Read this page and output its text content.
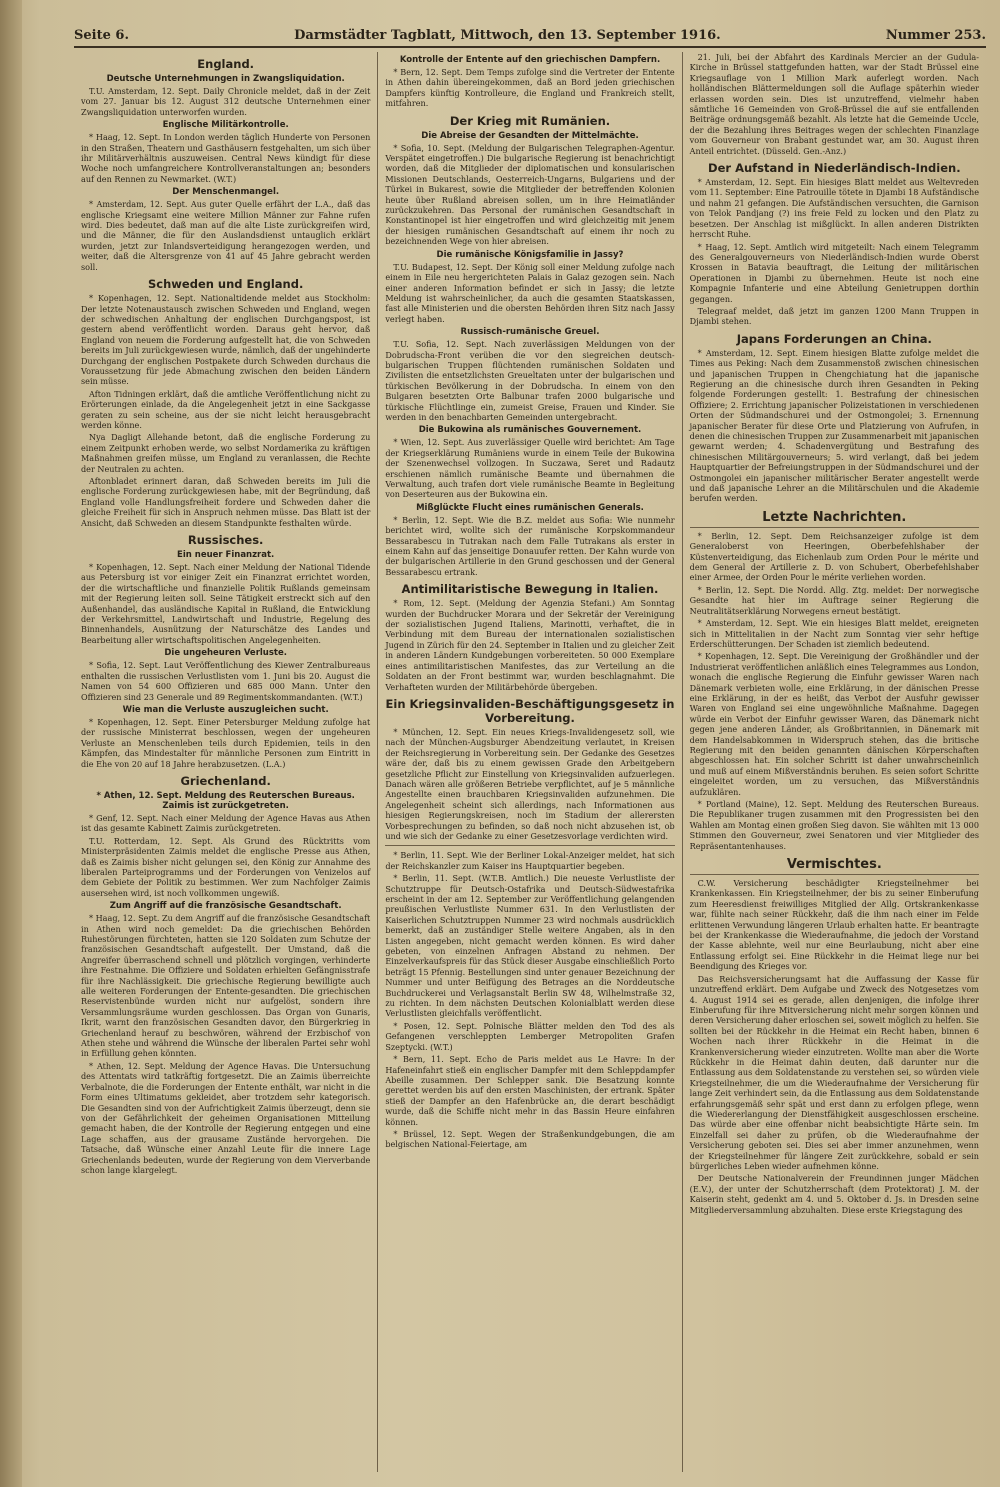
Seite 6.	Darmstädter Tagblatt, Mittwoch, den 13. September 1916.	Nummer 253.
England.
Deutsche Unternehmungen in Zwangsliquidation.

T.U. Amsterdam, 12. Sept. Daily Chronicle meldet, daß in der Zeit vom 27. Januar bis 12. August 312 deutsche Unternehmen einer Zwangsliquidation unterworfen wurden.

Englische Militärkontrolle.

* Haag, 12. Sept. In London werden täglich Hunderte von Personen in den Straßen, Theatern und Gasthäusern festgehalten, um sich über ihr Militärverhältnis auszuweisen. Central News kündigt für diese Woche noch umfangreichere Kontrollveranstaltungen an; besonders auf den Rennen zu Newmarket. (W.T.)

Der Menschenmangel.

* Amsterdam, 12. Sept. Aus guter Quelle erfährt der L.A., daß das englische Kriegsamt eine weitere Million Männer zur Fahne rufen wird. Dies bedeutet, daß man auf die alte Liste zurückgreifen wird, und die Männer, die für den Auslandsdienst untauglich erklärt wurden, jetzt zur Inlandsverteidigung herangezogen werden, und weiter, daß die Altersgrenze von 41 auf 45 Jahre gebracht werden soll.

Schweden und England.

* Kopenhagen, 12. Sept. Nationaltidende meldet aus Stockholm: Der letzte Notenaustausch zwischen Schweden und England, wegen der schwedischen Anhaltung der englischen Durchgangspost, ist gestern abend veröffentlicht worden. Daraus geht hervor, daß England von neuem die Forderung aufgestellt hat, die von Schweden bereits im Juli zurückgewiesen wurde, nämlich, daß der ungehinderte Durchgang der englischen Postpakete durch Schweden durchaus die Voraussetzung für jede Abmachung zwischen den beiden Ländern sein müsse.

Afton Tidningen erklärt, daß die amtliche Veröffentlichung nicht zu Erörterungen einlade, da die Angelegenheit jetzt in eine Sackgasse geraten zu sein scheine, aus der sie nicht leicht herausgebracht werden könne.

Nya Dagligt Allehande betont, daß die englische Forderung zu einem Zeitpunkt erhoben werde, wo selbst Nordamerika zu kräftigen Maßnahmen greifen müsse, um England zu veranlassen, die Rechte der Neutralen zu achten.

Aftonbladet erinnert daran, daß Schweden bereits im Juli die englische Forderung zurückgewiesen habe, mit der Begründung, daß England volle Handlungsfreiheit fordere und Schweden daher die gleiche Freiheit für sich in Anspruch nehmen müsse. Das Blatt ist der Ansicht, daß Schweden an diesem Standpunkte festhalten würde.

Russisches.
Ein neuer Finanzrat.

* Kopenhagen, 12. Sept. Nach einer Meldung der National Tidende aus Petersburg ist vor einiger Zeit ein Finanzrat errichtet worden, der die wirtschaftliche und finanzielle Politik Rußlands gemeinsam mit der Regierung leiten soll. Seine Tätigkeit erstreckt sich auf den Außenhandel, das ausländische Kapital in Rußland, die Entwicklung der Verkehrsmittel, Landwirtschaft und Industrie, Regelung des Binnenhandels, Ausnützung der Naturschätze des Landes und Bearbeitung aller wirtschaftspolitischen Angelegenheiten.

Die ungeheuren Verluste.

* Sofia, 12. Sept. Laut Veröffentlichung des Kiewer Zentralbureaus enthalten die russischen Verlustlisten vom 1. Juni bis 20. August die Namen von 54 600 Offizieren und 685 000 Mann. Unter den Offizieren sind 23 Generale und 89 Regimentskommandanten. (W.T.)

Wie man die Verluste auszugleichen sucht.

* Kopenhagen, 12. Sept. Einer Petersburger Meldung zufolge hat der russische Ministerrat beschlossen, wegen der ungeheuren Verluste an Menschenleben teils durch Epidemien, teils in den Kämpfen, das Mindestalter für männliche Personen zum Eintritt in die Ehe von 20 auf 18 Jahre herabzusetzen. (L.A.)

Griechenland.
* Athen, 12. Sept. Meldung des Reuterschen Bureaus. Zaimis ist zurückgetreten.

* Genf, 12. Sept. Nach einer Meldung der Agence Havas aus Athen ist das gesamte Kabinett Zaimis zurückgetreten.

T.U. Rotterdam, 12. Sept. Als Grund des Rücktritts vom Ministerpräsidenten Zaimis meldet die englische Presse aus Athen, daß es Zaimis bisher nicht gelungen sei, den König zur Annahme des liberalen Parteiprogramms und der Forderungen von Venizelos auf dem Gebiete der Politik zu bestimmen. Wer zum Nachfolger Zaimis ausersehen wird, ist noch vollkommen ungewiß.

Zum Angriff auf die französische Gesandtschaft.

* Haag, 12. Sept. Zu dem Angriff auf die französische Gesandtschaft in Athen wird noch gemeldet: Da die griechischen Behörden Ruhestörungen fürchteten, hatten sie 120 Soldaten zum Schutze der französischen Gesandtschaft aufgestellt. Der Umstand, daß die Angreifer überraschend schnell und plötzlich vorgingen, verhinderte ihre Festnahme. Die Offiziere und Soldaten erhielten Gefängnisstrafe für ihre Nachlässigkeit. Die griechische Regierung bewilligte auch alle weiteren Forderungen der Entente-gesandten. Die griechischen Reservistenbünde wurden nicht nur aufgelöst, sondern ihre Versammlungsräume wurden geschlossen. Das Organ von Gunaris, Ikrit, warnt den französischen Gesandten davor, den Bürgerkrieg in Griechenland herauf zu beschwören, während der Erzbischof von Athen stehe und während die Wünsche der liberalen Partei sehr wohl in Erfüllung gehen könnten.

* Athen, 12. Sept. Meldung der Agence Havas. Die Untersuchung des Attentats wird tatkräftig fortgesetzt. Die an Zaimis überreichte Verbalnote, die die Forderungen der Entente enthält, war nicht in die Form eines Ultimatums gekleidet, aber trotzdem sehr kategorisch. Die Gesandten sind von der Aufrichtigkeit Zaimis überzeugt, denn sie von der Gefährlichkeit der geheimen Organisationen Mitteilung gemacht haben, die der Kontrolle der Regierung entgegen und eine Lage schaffen, aus der grausame Zustände hervorgehen. Die Tatsache, daß Wünsche einer Anzahl Leute für die innere Lage Griechenlands bedeuten, wurde der Regierung von dem Vierverbande schon lange klargelegt.

Kontrolle der Entente auf den griechischen Dampfern.

* Bern, 12. Sept. Dem Temps zufolge sind die Vertreter der Entente in Athen dahin übereingekommen, daß an Bord jeden griechischen Dampfers künftig Kontrolleure, die England und Frankreich stellt, mitfahren.

Der Krieg mit Rumänien.
Die Abreise der Gesandten der Mittelmächte.

* Sofia, 10. Sept. (Meldung der Bulgarischen Telegraphen-Agentur. Verspätet eingetroffen.) Die bulgarische Regierung ist benachrichtigt worden, daß die Mitglieder der diplomatischen und konsularischen Missionen Deutschlands, Oesterreich-Ungarns, Bulgariens und der Türkei in Bukarest, sowie die Mitglieder der betreffenden Kolonien heute über Rußland abreisen sollen, um in ihre Heimatländer zurückzukehren. Das Personal der rumänischen Gesandtschaft in Konstantinopel ist hier eingetroffen und wird gleichzeitig mit jenem der hiesigen rumänischen Gesandtschaft auf einem ihr noch zu bezeichnenden Wege von hier abreisen.

Die rumänische Königsfamilie in Jassy?

T.U. Budapest, 12. Sept. Der König soll einer Meldung zufolge nach einem in Eile neu hergerichteten Palais in Galaz gezogen sein. Nach einer anderen Information befindet er sich in Jassy; die letzte Meldung ist wahrscheinlicher, da auch die gesamten Staatskassen, fast alle Ministerien und die obersten Behörden ihren Sitz nach Jassy verlegt haben.

Russisch-rumänische Greuel.

T.U. Sofia, 12. Sept. Nach zuverlässigen Meldungen von der Dobrudscha-Front verüben die vor den siegreichen deutsch-bulgarischen Truppen flüchtenden rumänischen Soldaten und Zivilisten die entsetzlichsten Greueltaten unter der bulgarischen und türkischen Bevölkerung in der Dobrudscha. In einem von den Bulgaren besetzten Orte Balbunar trafen 2000 bulgarische und türkische Flüchtlinge ein, zumeist Greise, Frauen und Kinder. Sie werden in den benachbarten Gemeinden untergebracht.

Die Bukowina als rumänisches Gouvernement.

* Wien, 12. Sept. Aus zuverlässiger Quelle wird berichtet: Am Tage der Kriegserklärung Rumäniens wurde in einem Teile der Bukowina der Szenenwechsel vollzogen. In Suczawa, Seret und Radautz erschienen nämlich rumänische Beamte und übernahmen die Verwaltung, auch trafen dort viele rumänische Beamte in Begleitung von Deserteuren aus der Bukowina ein.

Mißglückte Flucht eines rumänischen Generals.

* Berlin, 12. Sept. Wie die B.Z. meldet aus Sofia: Wie nunmehr berichtet wird, wollte sich der rumänische Korpskommandeur Bessarabescu in Tutrakan nach dem Falle Tutrakans als erster in einem Kahn auf das jenseitige Donauufer retten. Der Kahn wurde von der bulgarischen Artillerie in den Grund geschossen und der General Bessarabescu ertrank.

Antimilitaristische Bewegung in Italien.

* Rom, 12. Sept. (Meldung der Agenzia Stefani.) Am Sonntag wurden der Buchdrucker Morara und der Sekretär der Vereinigung der sozialistischen Jugend Italiens, Marinotti, verhaftet, die in Verbindung mit dem Bureau der internationalen sozialistischen Jugend in Zürich für den 24. September in Italien und zu gleicher Zeit in anderen Ländern Kundgebungen vorbereiteten. 50 000 Exemplare eines antimilitaristischen Manifestes, das zur Verteilung an die Soldaten an der Front bestimmt war, wurden beschlagnahmt. Die Verhafteten wurden der Militärbehörde übergeben.

Ein Kriegsinvaliden-Beschäftigungsgesetz in Vorbereitung.

* München, 12. Sept. Ein neues Kriegs-Invalidengesetz soll, wie nach der München-Augsburger Abendzeitung verlautet, in Kreisen der Reichsregierung in Vorbereitung sein. Der Gedanke des Gesetzes wäre der, daß bis zu einem gewissen Grade den Arbeitgebern gesetzliche Pflicht zur Einstellung von Kriegsinvaliden aufzuerlegen. Danach wären alle größeren Betriebe verpflichtet, auf je 5 männliche Angestellte einen brauchbaren Kriegsinvaliden aufzunehmen. Die Angelegenheit scheint sich allerdings, nach Informationen aus hiesigen Regierungskreisen, noch im Stadium der allerersten Vorbesprechungen zu befinden, so daß noch nicht abzusehen ist, ob und wie sich der Gedanke zu einer Gesetzesvorlage verdichten wird.

* Berlin, 11. Sept. Wie der Berliner Lokal-Anzeiger meldet, hat sich der Reichskanzler zum Kaiser ins Hauptquartier begeben.

* Berlin, 11. Sept. (W.T.B. Amtlich.) Die neueste Verlustliste der Schutztruppe für Deutsch-Ostafrika und Deutsch-Südwestafrika erscheint in der am 12. September zur Veröffentlichung gelangenden preußischen Verlustliste Nummer 631. In den Verlustlisten der Kaiserlichen Schutztruppen Nummer 23 wird nochmals ausdrücklich bemerkt, daß an zuständiger Stelle weitere Angaben, als in den Listen angegeben, nicht gemacht werden können. Es wird daher gebeten, von einzelnen Anfragen Abstand zu nehmen. Der Einzelverkaufspreis für das Stück dieser Ausgabe einschließlich Porto beträgt 15 Pfennig. Bestellungen sind unter genauer Bezeichnung der Nummer und unter Beifügung des Betrages an die Norddeutsche Buchdruckerei und Verlagsanstalt Berlin SW 48, Wilhelmstraße 32, zu richten. In dem nächsten Deutschen Kolonialblatt werden diese Verlustlisten gleichfalls veröffentlicht.

* Posen, 12. Sept. Polnische Blätter melden den Tod des als Gefangenen verschleppten Lemberger Metropoliten Grafen Szeptycki. (W.T.)

* Bern, 11. Sept. Echo de Paris meldet aus Le Havre: In der Hafeneinfahrt stieß ein englischer Dampfer mit dem Schleppdampfer Abeille zusammen. Der Schlepper sank. Die Besatzung konnte gerettet werden bis auf den ersten Maschinisten, der ertrank. Später stieß der Dampfer an den Hafenbrücke an, die derart beschädigt wurde, daß die Schiffe nicht mehr in das Bassin Heure einfahren können.

* Brüssel, 12. Sept. Wegen der Straßenkundgebungen, die am belgischen National-Feiertage, am

21. Juli, bei der Abfahrt des Kardinals Mercier an der Gudula-Kirche in Brüssel stattgefunden hatten, war der Stadt Brüssel eine Kriegsauflage von 1 Million Mark auferlegt worden. Nach holländischen Blättermeldungen soll die Auflage späterhin wieder erlassen worden sein. Dies ist unzutreffend, vielmehr haben sämtliche 16 Gemeinden von Groß-Brüssel die auf sie entfallenden Beiträge ordnungsgemäß bezahlt. Als letzte hat die Gemeinde Uccle, der die Bezahlung ihres Beitrages wegen der schlechten Finanzlage vom Gouverneur von Brabant gestundet war, am 30. August ihren Anteil entrichtet. (Düsseld. Gen.-Anz.)

Der Aufstand in Niederländisch-Indien.

* Amsterdam, 12. Sept. Ein hiesiges Blatt meldet aus Weltevreden vom 11. September: Eine Patrouille tötete in Djambi 18 Aufständische und nahm 21 gefangen. Die Aufständischen versuchten, die Garnison von Telok Pandjang (?) ins freie Feld zu locken und den Platz zu besetzen. Der Anschlag ist mißglückt. In allen anderen Distrikten herrscht Ruhe.

* Haag, 12. Sept. Amtlich wird mitgeteilt: Nach einem Telegramm des Generalgouverneurs von Niederländisch-Indien wurde Oberst Krossen in Batavia beauftragt, die Leitung der militärischen Operationen in Djambi zu übernehmen. Heute ist noch eine Kompagnie Infanterie und eine Abteilung Genietruppen dorthin gegangen.

Telegraaf meldet, daß jetzt im ganzen 1200 Mann Truppen in Djambi stehen.

Japans Forderungen an China.

* Amsterdam, 12. Sept. Einem hiesigen Blatte zufolge meldet die Times aus Peking: Nach dem Zusammenstoß zwischen chinesischen und japanischen Truppen in Chengchiatung hat die japanische Regierung an die chinesische durch ihren Gesandten in Peking folgende Forderungen gestellt: 1. Bestrafung der chinesischen Offiziere; 2. Errichtung japanischer Polizeistationen in verschiedenen Orten der Südmandschurei und der Ostmongolei; 3. Ernennung japanischer Berater für diese Orte und Platzierung von Aufrufen, in denen die chinesischen Truppen zur Zusammenarbeit mit japanischen gewarnt werden; 4. Schadenvergütung und Bestrafung des chinesischen Militärgouverneurs; 5. wird verlangt, daß bei jedem Hauptquartier der Befreiungstruppen in der Südmandschurei und der Ostmongolei ein japanischer militärischer Berater angestellt werde und daß japanische Lehrer an die Militärschulen und die Akademie berufen werden.

Letzte Nachrichten.

* Berlin, 12. Sept. Dem Reichsanzeiger zufolge ist dem Generaloberst von Heeringen, Oberbefehlshaber der Küstenverteidigung, das Eichenlaub zum Orden Pour le mérite und dem General der Artillerie z. D. von Schubert, Oberbefehlshaber einer Armee, der Orden Pour le mérite verliehen worden.

* Berlin, 12. Sept. Die Nordd. Allg. Ztg. meldet: Der norwegische Gesandte hat hier im Auftrage seiner Regierung die Neutralitätserklärung Norwegens erneut bestätigt.

* Amsterdam, 12. Sept. Wie ein hiesiges Blatt meldet, ereigneten sich in Mittelitalien in der Nacht zum Sonntag vier sehr heftige Erderschütterungen. Der Schaden ist ziemlich bedeutend.

* Kopenhagen, 12. Sept. Die Vereinigung der Großhändler und der Industrierat veröffentlichen anläßlich eines Telegrammes aus London, wonach die englische Regierung die Einfuhr gewisser Waren nach Dänemark verbieten wolle, eine Erklärung, in der dänischen Presse eine Erklärung, in der es heißt, das Verbot der Ausfuhr gewisser Waren von England sei eine ungewöhnliche Maßnahme. Dagegen würde ein Verbot der Einfuhr gewisser Waren, das Dänemark nicht gegen jene anderen Länder, als Großbritannien, in Dänemark mit dem Handelsabkommen in Widerspruch stehen, das die britische Regierung mit den beiden genannten dänischen Körperschaften abgeschlossen hat. Ein solcher Schritt ist daher unwahrscheinlich und muß auf einem Mißverständnis beruhen. Es seien sofort Schritte eingeleitet worden, um zu versuchen, das Mißverständnis aufzuklären.

* Portland (Maine), 12. Sept. Meldung des Reuterschen Bureaus. Die Republikaner trugen zusammen mit den Progressisten bei den Wahlen am Montag einen großen Sieg davon. Sie wählten mit 13 000 Stimmen den Gouverneur, zwei Senatoren und vier Mitglieder des Repräsentantenhauses.

Vermischtes.

C.W. Versicherung beschädigter Kriegsteilnehmer bei Krankenkassen. Ein Kriegsteilnehmer, der bis zu seiner Einberufung zum Heeresdienst freiwilliges Mitglied der Allg. Ortskrankenkasse war, fühlte nach seiner Rückkehr, daß die ihm nach einer im Felde erlittenen Verwundung längeren Urlaub erhalten hatte. Er beantragte bei der Krankenkasse die Wiederaufnahme, die jedoch der Vorstand der Kasse ablehnte, weil nur eine Beurlaubung, nicht aber eine Entlassung erfolgt sei. Eine Rückkehr in die Heimat liege nur bei Beendigung des Krieges vor.

Das Reichsversicherungsamt hat die Auffassung der Kasse für unzutreffend erklärt. Dem Aufgabe und Zweck des Notgesetzes vom 4. August 1914 sei es gerade, allen denjenigen, die infolge ihrer Einberufung für ihre Mitversicherung nicht mehr sorgen können und deren Versicherung daher erloschen sei, soweit möglich zu helfen. Sie sollten bei der Rückkehr in die Heimat ein Recht haben, binnen 6 Wochen nach ihrer Rückkehr in die Heimat in die Krankenversicherung wieder einzutreten. Wollte man aber die Worte Rückkehr in die Heimat dahin deuten, daß darunter nur die Entlassung aus dem Soldatenstande zu verstehen sei, so würden viele Kriegsteilnehmer, die um die Wiederaufnahme der Versicherung für lange Zeit verhindert sein, da die Entlassung aus dem Soldatenstande erfahrungsgemäß sehr spät und erst dann zu erfolgen pflege, wenn die Wiedererlangung der Dienstfähigkeit ausgeschlossen erscheine. Das würde aber eine offenbar nicht beabsichtigte Härte sein. Im Einzelfall sei daher zu prüfen, ob die Wiederaufnahme der Versicherung geboten sei. Dies sei aber immer anzunehmen, wenn der Kriegsteilnehmer für längere Zeit zurückkehre, sobald er sein bürgerliches Leben wieder aufnehmen könne.

Der Deutsche Nationalverein der Freundinnen junger Mädchen (E.V.), der unter der Schutzherrschaft (dem Protektorat) J. M. der Kaiserin steht, gedenkt am 4. und 5. Oktober d. Js. in Dresden seine Mitgliederversammlung abzuhalten. Diese erste Kriegstagung des
